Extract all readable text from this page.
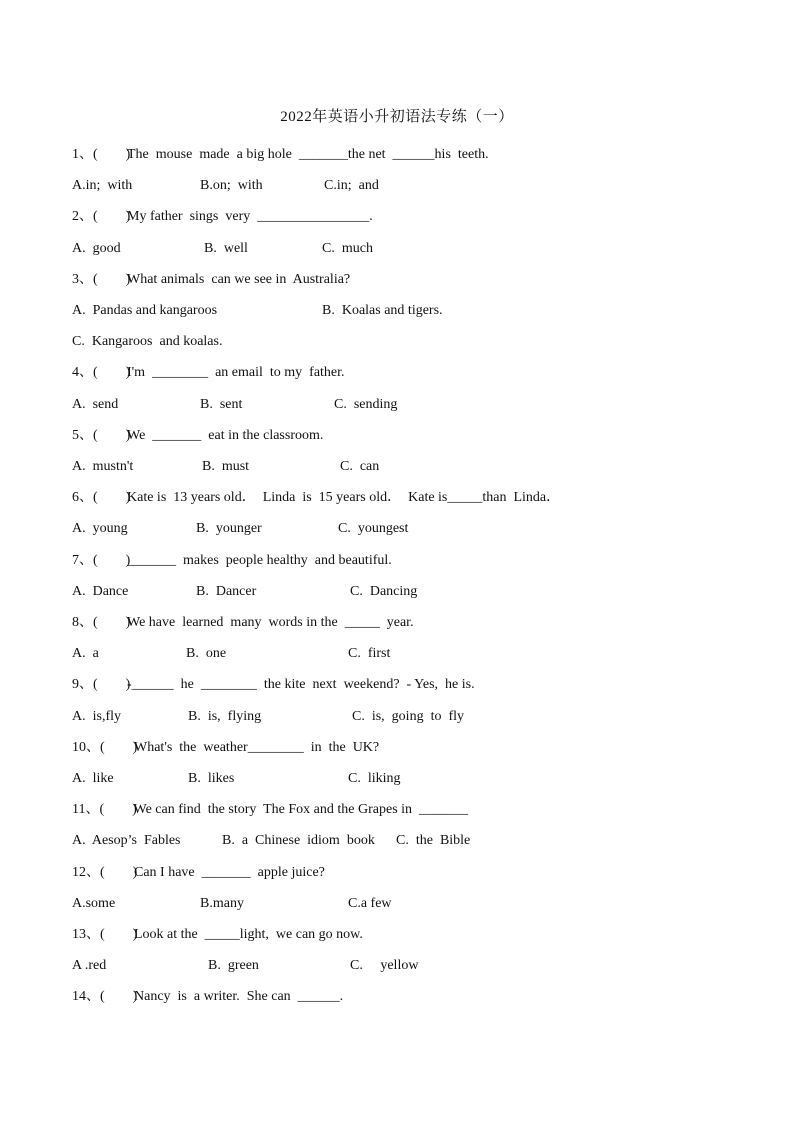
2022年英语小升初语法专练（一）
1、(　　)The  mouse  made  a big hole  _______the net  ______his  teeth.
A.in;  with	B.on;  with	C.in;  and
2、(　　)My father  sings  very  ________________.
A.  good	B.  well	C.  much
3、(　　)What animals  can we see in  Australia?
A.  Pandas and kangaroos	B.  Koalas and tigers.
C.  Kangaroos  and koalas.
4、(　　)I'm  ________  an email  to my  father.
A.  send	B.  sent	C.  sending
5、(　　)We  _______  eat in the classroom.
A.  mustn't	B.  must	C.  can
6、(　　)Kate is  13 years old．  Linda  is  15 years old．  Kate is_____than  Linda．
A.  young	B.  younger	C.  youngest
7、(　　)_______  makes  people healthy  and beautiful.
A.  Dance	B.  Dancer	C.  Dancing
8、(　　)We have  learned  many  words in the  _____  year.
A.  a	B.  one	C.  first
9、(　　)-______  he  ________  the kite  next  weekend?  - Yes,  he is.
A.  is,fly	B.  is,  flying	C.  is,  going  to  fly
10、(　　)What's  the  weather________  in  the  UK?
A.  like	B.  likes	C.  liking
11、(　　)We can find  the story  The Fox and the Grapes in  _______
A.  Aesop’s  Fables	B.  a  Chinese  idiom  book C.  the  Bible
12、(　　)Can I have  _______  apple juice?
A.some	B.many	C.a few
13、(　　)Look at the  _____light,  we can go now.
A .red	B.  green	C.     yellow
14、(　　)Nancy  is  a writer.  She can  ______.
